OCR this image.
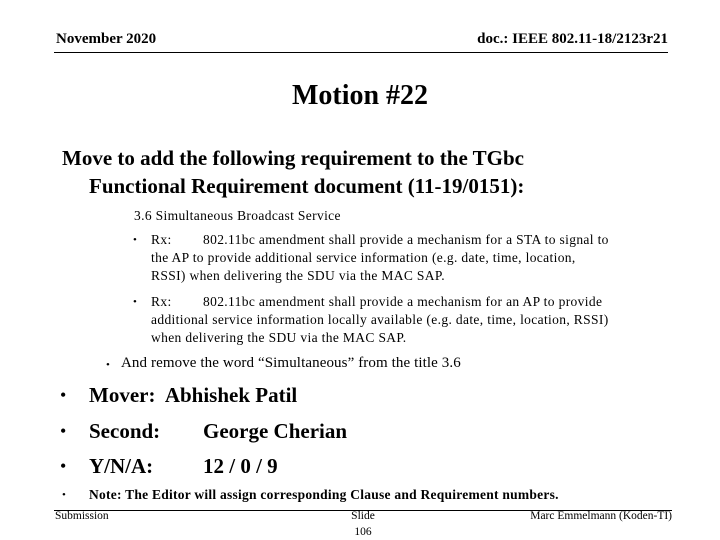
November 2020	doc.: IEEE 802.11-18/2123r21
Motion #22
Move to add the following requirement to the TGbc
Functional Requirement document (11-19/0151):
3.6 Simultaneous Broadcast Service
• Rx: 802.11bc amendment shall provide a mechanism for a STA to signal to
the AP to provide additional service information (e.g. date, time, location,
RSSI) when delivering the SDU via the MAC SAP.
• Rx: 802.11bc amendment shall provide a mechanism for an AP to provide
additional service information locally available (e.g. date, time, location, RSSI)
when delivering the SDU via the MAC SAP.
• And remove the word “Simultaneous” from the title 3.6
• Mover: Abhishek Patil
• Second: George Cherian
• Y/N/A: 12 / 0 / 9
• Note: The Editor will assign corresponding Clause and Requirement numbers.
Submission	Slide
106
Marc Emmelmann (Koden-TI)
